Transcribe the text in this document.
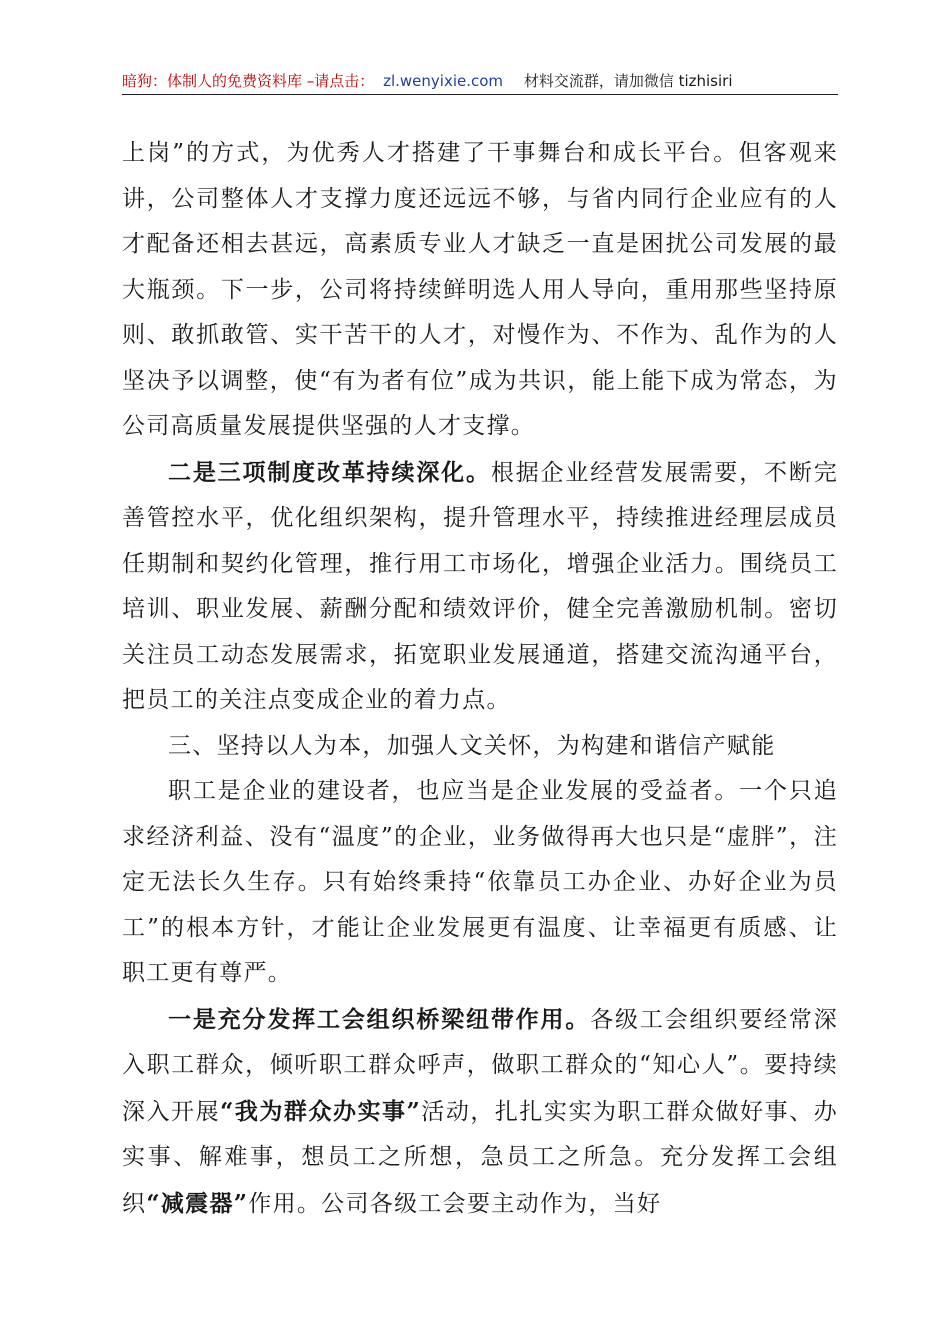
暗狗：体制人的免费资料库 –请点击： zl.wenyixie.com 材料交流群，请加微信 tizhisiri

上岗”的方式，为优秀人才搭建了干事舞台和成长平台。但客观来讲，公司整体人才支撑力度还远远不够，与省内同行企业应有的人才配备还相去甚远，高素质专业人才缺乏一直是困扰公司发展的最大瓶颈。下一步，公司将持续鲜明选人用人导向，重用那些坚持原则、敢抓敢管、实干苦干的人才，对慢作为、不作为、乱作为的人坚决予以调整，使“有为者有位”成为共识，能上能下成为常态，为公司高质量发展提供坚强的人才支撑。

二是三项制度改革持续深化。根据企业经营发展需要，不断完善管控水平，优化组织架构，提升管理水平，持续推进经理层成员任期制和契约化管理，推行用工市场化，增强企业活力。围绕员工培训、职业发展、薪酬分配和绩效评价，健全完善激励机制。密切关注员工动态发展需求，拓宽职业发展通道，搭建交流沟通平台，把员工的关注点变成企业的着力点。

三、坚持以人为本，加强人文关怀，为构建和谐信产赋能

职工是企业的建设者，也应当是企业发展的受益者。一个只追求经济利益、没有“温度”的企业，业务做得再大也只是“虚胖”，注定无法长久生存。只有始终秉持“依靠员工办企业、办好企业为员工”的根本方针，才能让企业发展更有温度、让幸福更有质感、让职工更有尊严。

一是充分发挥工会组织桥梁纽带作用。各级工会组织要经常深入职工群众，倾听职工群众呼声，做职工群众的“知心人”。要持续深入开展“我为群众办实事”活动，扎扎实实为职工群众做好事、办实事、解难事，想员工之所想，急员工之所急。充分发挥工会组织“减震器”作用。公司各级工会要主动作为，当好
